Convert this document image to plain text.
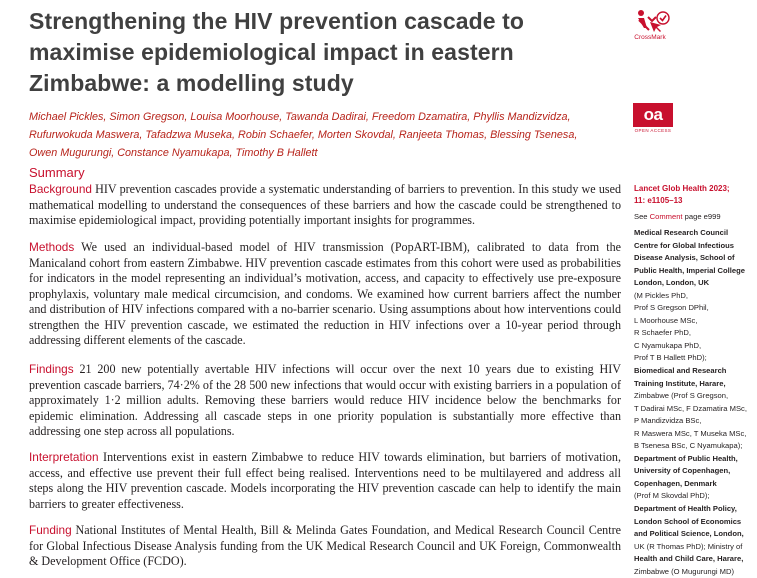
Strengthening the HIV prevention cascade to maximise epidemiological impact in eastern Zimbabwe: a modelling study
CrossMark

Michael Pickles, Simon Gregson, Louisa Moorhouse, Tawanda Dadirai, Freedom Dzamatira, Phyllis Mandizvidza, Rufurwokuda Maswera, Tafadzwa Museka, Robin Schaefer, Morten Skovdal, Ranjeeta Thomas, Blessing Tsenesa, Owen Mugurungi, Constance Nyamukapa, Timothy B Hallett

oa
OPEN ACCESS
Summary

Background HIV prevention cascades provide a systematic understanding of barriers to prevention. In this study we used mathematical modelling to understand the consequences of these barriers and how the cascade could be strengthened to maximise epidemiological impact, providing potentially important insights for programmes.

Methods We used an individual-based model of HIV transmission (PopART-IBM), calibrated to data from the Manicaland cohort from eastern Zimbabwe. HIV prevention cascade estimates from this cohort were used as probabilities for indicators in the model representing an individual’s motivation, access, and capacity to effectively use pre-exposure prophylaxis, voluntary male medical circumcision, and condoms. We examined how current barriers affect the number and distribution of HIV infections compared with a no-barrier scenario. Using assumptions about how interventions could strengthen the HIV prevention cascade, we estimated the reduction in HIV infections over a 10-year period through addressing different elements of the cascade.

Findings 21 200 new potentially avertable HIV infections will occur over the next 10 years due to existing HIV prevention cascade barriers, 74·2% of the 28 500 new infections that would occur with existing barriers in a population of approximately 1·2 million adults. Removing these barriers would reduce HIV incidence below the benchmarks for epidemic elimination. Addressing all cascade steps in one priority population is substantially more effective than addressing one step across all populations.

Interpretation Interventions exist in eastern Zimbabwe to reduce HIV towards elimination, but barriers of motivation, access, and effective use prevent their full effect being realised. Interventions need to be multilayered and address all steps along the HIV prevention cascade. Models incorporating the HIV prevention cascade can help to identify the main barriers to greater effectiveness.

Funding National Institutes of Mental Health, Bill & Melinda Gates Foundation, and Medical Research Council Centre for Global Infectious Disease Analysis funding from the UK Medical Research Council and UK Foreign, Commonwealth & Development Office (FCDO).

Lancet Glob Health 2023;
11: e1105–13
See Comment page e999
Medical Research Council
Centre for Global Infectious
Disease Analysis, School of
Public Health, Imperial College
London, London, UK
(M Pickles PhD,
Prof S Gregson DPhil,
L Moorhouse MSc,
R Schaefer PhD,
C Nyamukapa PhD,
Prof T B Hallett PhD);
Biomedical and Research
Training Institute, Harare,
Zimbabwe (Prof S Gregson,
T Dadirai MSc, F Dzamatira MSc,
P Mandizvidza BSc,
R Maswera MSc, T Museka MSc,
B Tsenesa BSc, C Nyamukapa);
Department of Public Health,
University of Copenhagen,
Copenhagen, Denmark
(Prof M Skovdal PhD);
Department of Health Policy,
London School of Economics
and Political Science, London,
UK (R Thomas PhD); Ministry of
Health and Child Care, Harare,
Zimbabwe (O Mugurungi MD)
